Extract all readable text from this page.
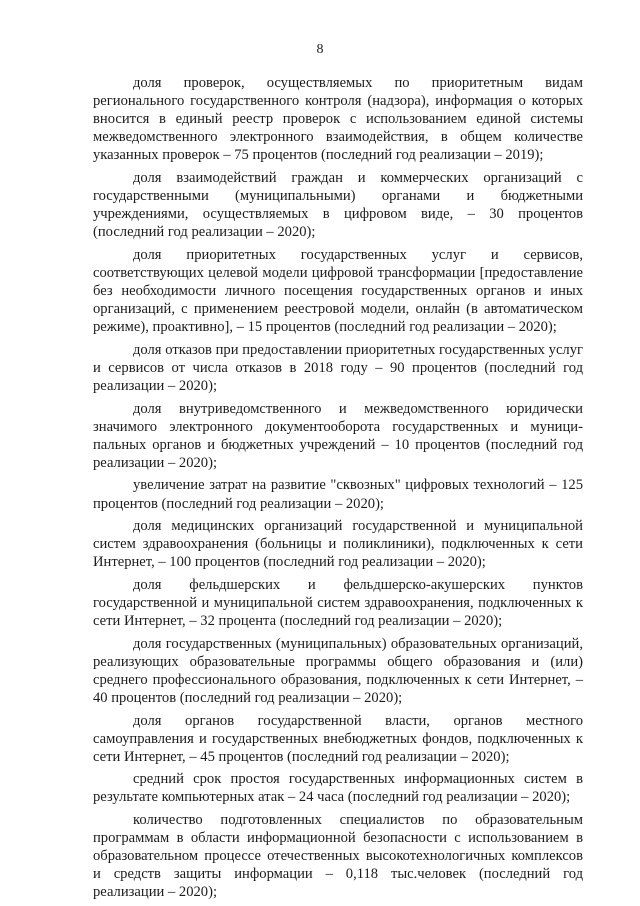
8

доля проверок, осуществляемых по приоритетным видам регионального государственного контроля (надзора), информация о которых вносится в единый реестр проверок с использованием единой системы межведомственного электронного взаимодействия, в общем количестве указанных проверок – 75 процентов (последний год реализации – 2019);

доля взаимодействий граждан и коммерческих организаций с государственными (муниципальными) органами и бюджетными учреждениями, осуществляемых в цифровом виде, – 30 процентов (последний год реализации – 2020);

доля приоритетных государственных услуг и сервисов, соответствующих целевой модели цифровой трансформации [предоставление без необходимости личного посещения государственных органов и иных организаций, с применением реестровой модели, онлайн (в автоматическом режиме), проактивно], – 15 процентов (последний год реализации – 2020);

доля отказов при предоставлении приоритетных государственных услуг и сервисов от числа отказов в 2018 году – 90 процентов (последний год реализации – 2020);

доля внутриведомственного и межведомственного юридически значимого электронного документооборота государственных и муниципальных органов и бюджетных учреждений – 10 процентов (последний год реализации – 2020);

увеличение затрат на развитие "сквозных" цифровых технологий – 125 процентов (последний год реализации – 2020);

доля медицинских организаций государственной и муниципальной систем здравоохранения (больницы и поликлиники), подключенных к сети Интернет, – 100 процентов (последний год реализации – 2020);

доля фельдшерских и фельдшерско-акушерских пунктов государственной и муниципальной систем здравоохранения, подключенных к сети Интернет, – 32 процента (последний год реализации – 2020);

доля государственных (муниципальных) образовательных организаций, реализующих образовательные программы общего образования и (или) среднего профессионального образования, подключенных к сети Интернет, – 40 процентов (последний год реализации – 2020);

доля органов государственной власти, органов местного самоуправления и государственных внебюджетных фондов, подключенных к сети Интернет, – 45 процентов (последний год реализации – 2020);

средний срок простоя государственных информационных систем в результате компьютерных атак – 24 часа (последний год реализации – 2020);

количество подготовленных специалистов по образовательным программам в области информационной безопасности с использованием в образовательном процессе отечественных высокотехнологичных комплексов и средств защиты информации – 0,118 тыс.человек (последний год реализации – 2020);
